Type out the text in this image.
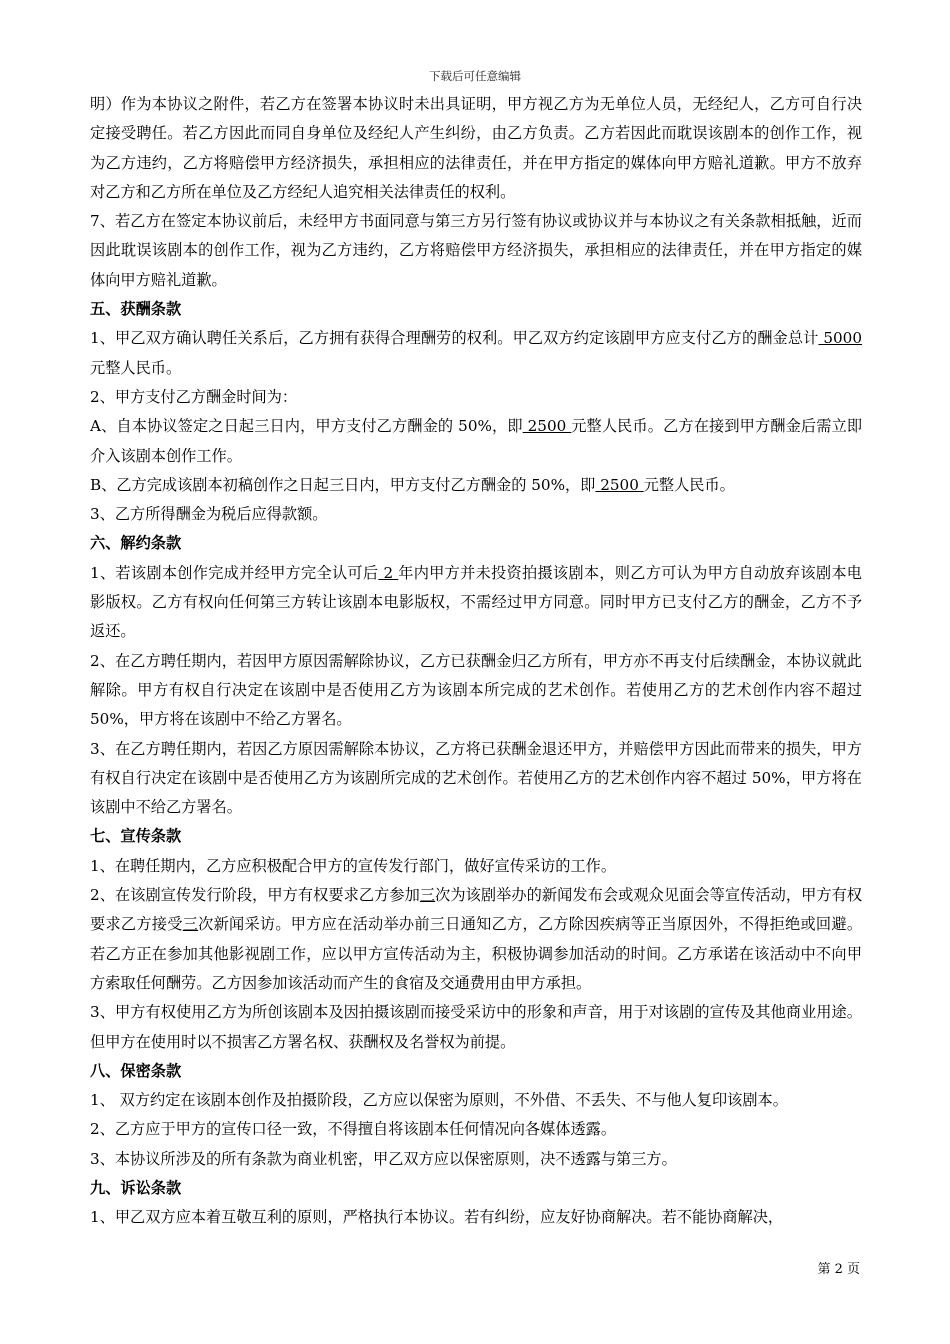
下载后可任意编辑

明）作为本协议之附件，若乙方在签署本协议时未出具证明，甲方视乙方为无单位人员，无经纪人，乙方可自行决定接受聘任。若乙方因此而同自身单位及经纪人产生纠纷，由乙方负责。乙方若因此而耽误该剧本的创作工作，视为乙方违约，乙方将赔偿甲方经济损失，承担相应的法律责任，并在甲方指定的媒体向甲方赔礼道歉。甲方不放弃对乙方和乙方所在单位及乙方经纪人追究相关法律责任的权利。

7、若乙方在签定本协议前后，未经甲方书面同意与第三方另行签有协议或协议并与本协议之有关条款相抵触，近而因此耽误该剧本的创作工作，视为乙方违约，乙方将赔偿甲方经济损失，承担相应的法律责任，并在甲方指定的媒体向甲方赔礼道歉。

五、获酬条款

1、甲乙双方确认聘任关系后，乙方拥有获得合理酬劳的权利。甲乙双方约定该剧甲方应支付乙方的酬金总计 5000 元整人民币。

2、甲方支付乙方酬金时间为：

A、自本协议签定之日起三日内，甲方支付乙方酬金的 50%，即 2500 元整人民币。乙方在接到甲方酬金后需立即介入该剧本创作工作。

B、乙方完成该剧本初稿创作之日起三日内，甲方支付乙方酬金的 50%，即 2500 元整人民币。

3、乙方所得酬金为税后应得款额。

六、解约条款

1、若该剧本创作完成并经甲方完全认可后 2 年内甲方并未投资拍摄该剧本，则乙方可认为甲方自动放弃该剧本电影版权。乙方有权向任何第三方转让该剧本电影版权，不需经过甲方同意。同时甲方已支付乙方的酬金，乙方不予返还。

2、在乙方聘任期内，若因甲方原因需解除协议，乙方已获酬金归乙方所有，甲方亦不再支付后续酬金，本协议就此解除。甲方有权自行决定在该剧中是否使用乙方为该剧本所完成的艺术创作。若使用乙方的艺术创作内容不超过 50%，甲方将在该剧中不给乙方署名。

3、在乙方聘任期内，若因乙方原因需解除本协议，乙方将已获酬金退还甲方，并赔偿甲方因此而带来的损失，甲方有权自行决定在该剧中是否使用乙方为该剧所完成的艺术创作。若使用乙方的艺术创作内容不超过 50%，甲方将在该剧中不给乙方署名。

七、宣传条款

1、在聘任期内，乙方应积极配合甲方的宣传发行部门，做好宣传采访的工作。

2、在该剧宣传发行阶段，甲方有权要求乙方参加三次为该剧举办的新闻发布会或观众见面会等宣传活动，甲方有权要求乙方接受三次新闻采访。甲方应在活动举办前三日通知乙方，乙方除因疾病等正当原因外，不得拒绝或回避。若乙方正在参加其他影视剧工作，应以甲方宣传活动为主，积极协调参加活动的时间。乙方承诺在该活动中不向甲方索取任何酬劳。乙方因参加该活动而产生的食宿及交通费用由甲方承担。

3、甲方有权使用乙方为所创该剧本及因拍摄该剧而接受采访中的形象和声音，用于对该剧的宣传及其他商业用途。但甲方在使用时以不损害乙方署名权、获酬权及名誉权为前提。

八、保密条款

1、 双方约定在该剧本创作及拍摄阶段，乙方应以保密为原则，不外借、不丢失、不与他人复印该剧本。

2、乙方应于甲方的宣传口径一致，不得擅自将该剧本任何情况向各媒体透露。

3、本协议所涉及的所有条款为商业机密，甲乙双方应以保密原则，决不透露与第三方。

九、诉讼条款

1、甲乙双方应本着互敬互利的原则，严格执行本协议。若有纠纷，应友好协商解决。若不能协商解决，

第 2 页
